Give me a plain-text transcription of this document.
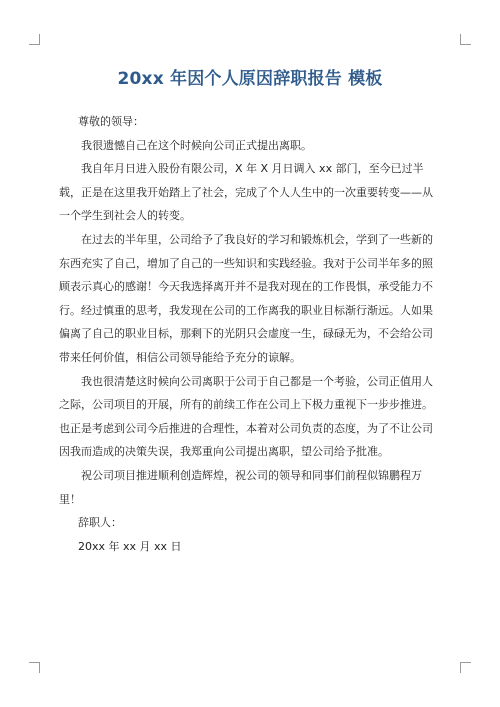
20xx 年因个人原因辞职报告 模板

尊敬的领导：

我很遗憾自己在这个时候向公司正式提出离职。

我自年月日进入股份有限公司，X 年 X 月日调入 xx 部门，至今已过半载，正是在这里我开始踏上了社会，完成了个人人生中的一次重要转变——从一个学生到社会人的转变。

在过去的半年里，公司给予了我良好的学习和锻炼机会，学到了一些新的东西充实了自己，增加了自己的一些知识和实践经验。我对于公司半年多的照顾表示真心的感谢！今天我选择离开并不是我对现在的工作畏惧，承受能力不行。经过慎重的思考，我发现在公司的工作离我的职业目标渐行渐远。人如果偏离了自己的职业目标，那剩下的光阴只会虚度一生，碌碌无为，不会给公司带来任何价值，相信公司领导能给予充分的谅解。

我也很清楚这时候向公司离职于公司于自己都是一个考验，公司正值用人之际，公司项目的开展，所有的前续工作在公司上下极力重视下一步步推进。也正是考虑到公司今后推进的合理性，本着对公司负责的态度，为了不让公司因我而造成的决策失误，我郑重向公司提出离职，望公司给予批准。

祝公司项目推进顺利创造辉煌，祝公司的领导和同事们前程似锦鹏程万里！

辞职人：

20xx 年 xx 月 xx 日
